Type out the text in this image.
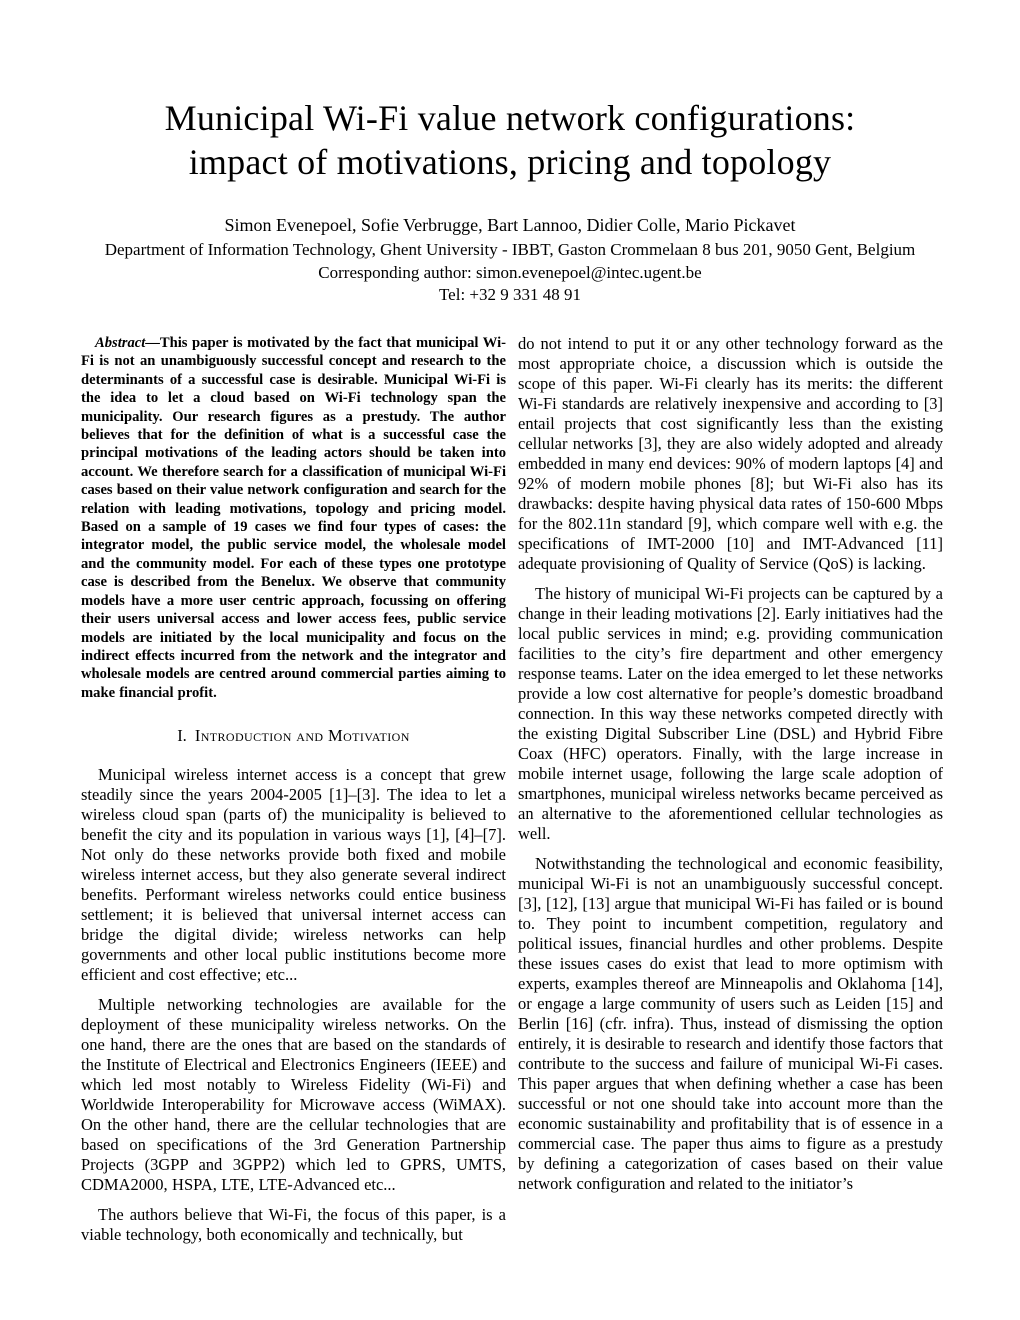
Municipal Wi-Fi value network configurations:
impact of motivations, pricing and topology
Simon Evenepoel, Sofie Verbrugge, Bart Lannoo, Didier Colle, Mario Pickavet
Department of Information Technology, Ghent University - IBBT, Gaston Crommelaan 8 bus 201, 9050 Gent, Belgium
Corresponding author: simon.evenepoel@intec.ugent.be
Tel: +32 9 331 48 91

Abstract—This paper is motivated by the fact that municipal Wi-Fi is not an unambiguously successful concept and research to the determinants of a successful case is desirable. Municipal Wi-Fi is the idea to let a cloud based on Wi-Fi technology span the municipality. Our research figures as a prestudy. The author believes that for the definition of what is a successful case the principal motivations of the leading actors should be taken into account. We therefore search for a classification of municipal Wi-Fi cases based on their value network configuration and search for the relation with leading motivations, topology and pricing model. Based on a sample of 19 cases we find four types of cases: the integrator model, the public service model, the wholesale model and the community model. For each of these types one prototype case is described from the Benelux. We observe that community models have a more user centric approach, focussing on offering their users universal access and lower access fees, public service models are initiated by the local municipality and focus on the indirect effects incurred from the network and the integrator and wholesale models are centred around commercial parties aiming to make financial profit.

I. Introduction and Motivation

Municipal wireless internet access is a concept that grew steadily since the years 2004-2005 [1]–[3]. The idea to let a wireless cloud span (parts of) the municipality is believed to benefit the city and its population in various ways [1], [4]–[7]. Not only do these networks provide both fixed and mobile wireless internet access, but they also generate several indirect benefits. Performant wireless networks could entice business settlement; it is believed that universal internet access can bridge the digital divide; wireless networks can help governments and other local public institutions become more efficient and cost effective; etc...

Multiple networking technologies are available for the deployment of these municipality wireless networks. On the one hand, there are the ones that are based on the standards of the Institute of Electrical and Electronics Engineers (IEEE) and which led most notably to Wireless Fidelity (Wi-Fi) and Worldwide Interoperability for Microwave access (WiMAX). On the other hand, there are the cellular technologies that are based on specifications of the 3rd Generation Partnership Projects (3GPP and 3GPP2) which led to GPRS, UMTS, CDMA2000, HSPA, LTE, LTE-Advanced etc...

The authors believe that Wi-Fi, the focus of this paper, is a viable technology, both economically and technically, but

do not intend to put it or any other technology forward as the most appropriate choice, a discussion which is outside the scope of this paper. Wi-Fi clearly has its merits: the different Wi-Fi standards are relatively inexpensive and according to [3] entail projects that cost significantly less than the existing cellular networks [3], they are also widely adopted and already embedded in many end devices: 90% of modern laptops [4] and 92% of modern mobile phones [8]; but Wi-Fi also has its drawbacks: despite having physical data rates of 150-600 Mbps for the 802.11n standard [9], which compare well with e.g. the specifications of IMT-2000 [10] and IMT-Advanced [11] adequate provisioning of Quality of Service (QoS) is lacking.

The history of municipal Wi-Fi projects can be captured by a change in their leading motivations [2]. Early initiatives had the local public services in mind; e.g. providing communication facilities to the city’s fire department and other emergency response teams. Later on the idea emerged to let these networks provide a low cost alternative for people’s domestic broadband connection. In this way these networks competed directly with the existing Digital Subscriber Line (DSL) and Hybrid Fibre Coax (HFC) operators. Finally, with the large increase in mobile internet usage, following the large scale adoption of smartphones, municipal wireless networks became perceived as an alternative to the aforementioned cellular technologies as well.

Notwithstanding the technological and economic feasibility, municipal Wi-Fi is not an unambiguously successful concept. [3], [12], [13] argue that municipal Wi-Fi has failed or is bound to. They point to incumbent competition, regulatory and political issues, financial hurdles and other problems. Despite these issues cases do exist that lead to more optimism with experts, examples thereof are Minneapolis and Oklahoma [14], or engage a large community of users such as Leiden [15] and Berlin [16] (cfr. infra). Thus, instead of dismissing the option entirely, it is desirable to research and identify those factors that contribute to the success and failure of municipal Wi-Fi cases. This paper argues that when defining whether a case has been successful or not one should take into account more than the economic sustainability and profitability that is of essence in a commercial case. The paper thus aims to figure as a prestudy by defining a categorization of cases based on their value network configuration and related to the initiator’s
